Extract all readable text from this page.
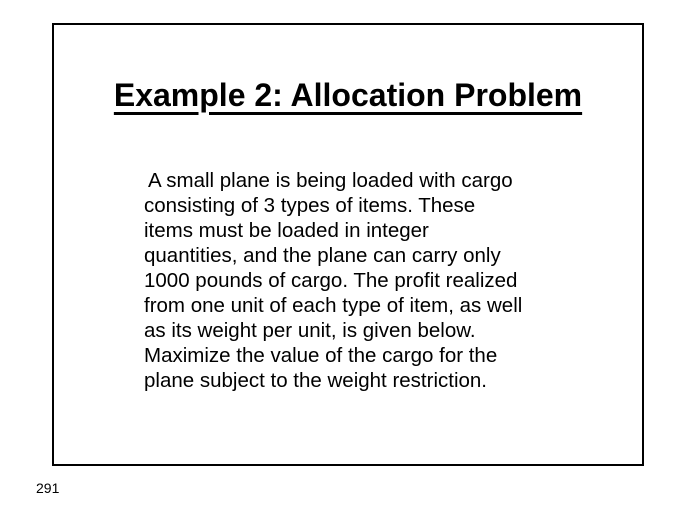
Example 2: Allocation Problem

A small plane is being loaded with cargo
consisting of 3 types of items. These
items must be loaded in integer
quantities, and the plane can carry only
1000 pounds of cargo. The profit realized
from one unit of each type of item, as well
as its weight per unit, is given below.
Maximize the value of the cargo for the
plane subject to the weight restriction.

291
